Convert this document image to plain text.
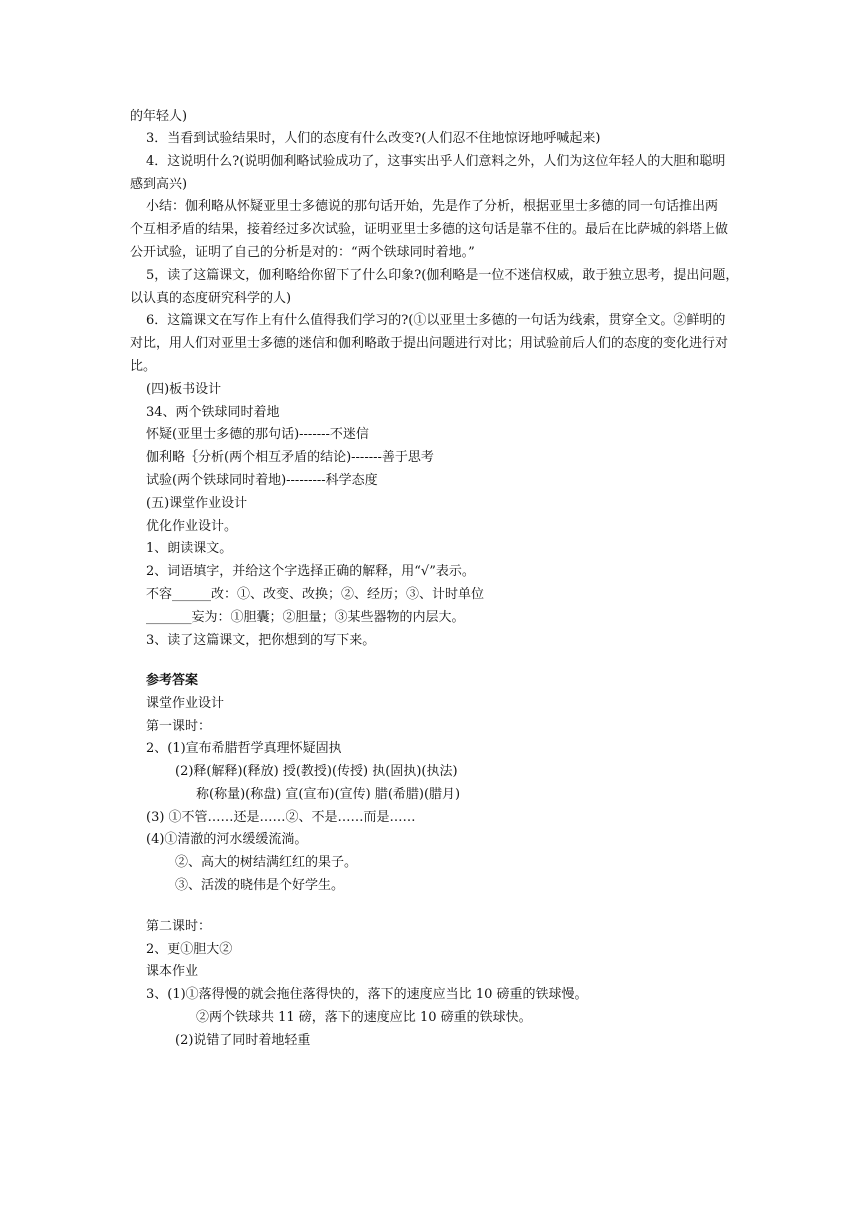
的年轻人)
3．当看到试验结果时，人们的态度有什么改变?(人们忍不住地惊讶地呼喊起来)
4．这说明什么?(说明伽利略试验成功了，这事实出乎人们意料之外，人们为这位年轻人的大胆和聪明
感到高兴)
小结：伽利略从怀疑亚里士多德说的那句话开始，先是作了分析，根据亚里士多德的同一句话推出两
个互相矛盾的结果，接着经过多次试验，证明亚里士多德的这句话是靠不住的。最后在比萨城的斜塔上做
公开试验，证明了自己的分析是对的：“两个铁球同时着地。”
5，读了这篇课文，伽利略给你留下了什么印象?(伽利略是一位不迷信权威，敢于独立思考，提出问题，
以认真的态度研究科学的人)
6．这篇课文在写作上有什么值得我们学习的?(①以亚里士多德的一句话为线索，贯穿全文。②鲜明的
对比，用人们对亚里士多德的迷信和伽利略敢于提出问题进行对比；用试验前后人们的态度的变化进行对
比。
(四)板书设计
34、两个铁球同时着地
怀疑(亚里士多德的那句话)-------不迷信
伽利略｛分析(两个相互矛盾的结论)-------善于思考
试验(两个铁球同时着地)---------科学态度
(五)课堂作业设计
优化作业设计。
1、朗读课文。
2、词语填字，并给这个字选择正确的解释，用“√”表示。
不容______改：①、改变、改换；②、经历；③、计时单位
_______妄为：①胆囊；②胆量；③某些器物的内层大。
3、读了这篇课文，把你想到的写下来。
参考答案
课堂作业设计
第一课时：
2、(1)宣布希腊哲学真理怀疑固执
(2)释(解释)(释放) 授(教授)(传授) 执(固执)(执法)
称(称量)(称盘) 宣(宣布)(宣传) 腊(希腊)(腊月)
(3) ①不管……还是……②、不是……而是……
(4)①清澈的河水缓缓流淌。
②、高大的树结满红红的果子。
③、活泼的晓伟是个好学生。
第二课时：
2、更①胆大②
课本作业
3、(1)①落得慢的就会拖住落得快的，落下的速度应当比 10 磅重的铁球慢。
②两个铁球共 11 磅，落下的速度应比 10 磅重的铁球快。
(2)说错了同时着地轻重
